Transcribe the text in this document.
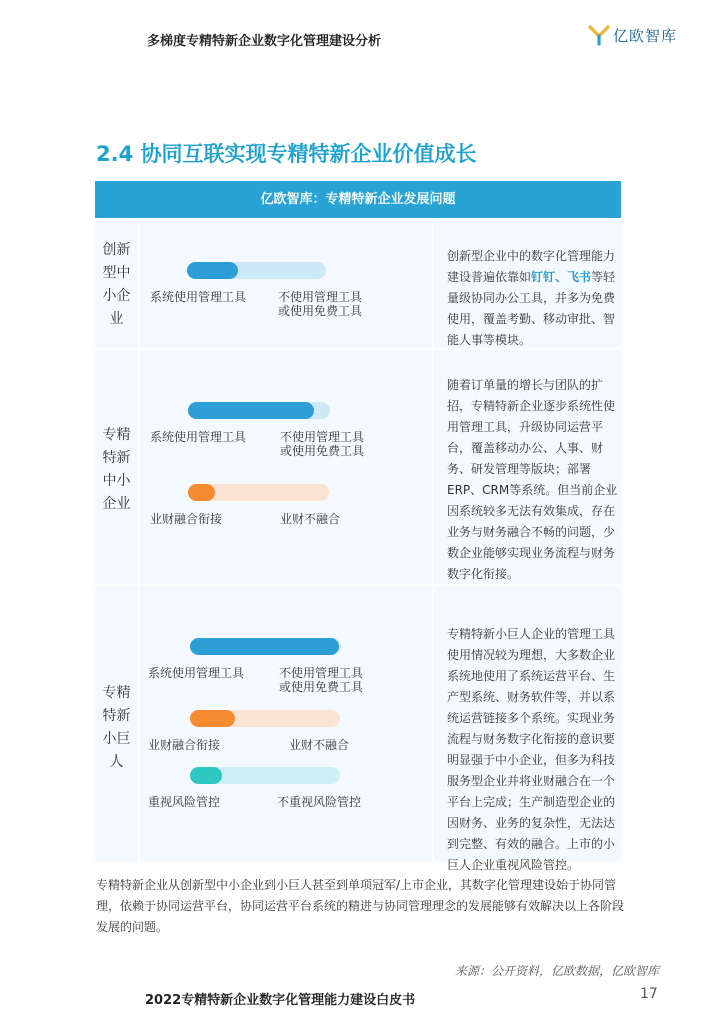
多梯度专精特新企业数字化管理建设分析	亿欧智库
2.4 协同互联实现专精特新企业价值成长
亿欧智库：专精特新企业发展问题
创新
型中
小企
业
系统使用管理工具	不使用管理工具
或使用免费工具
创新型企业中的数字化管理能力建设普遍依靠如钉钉、飞书等轻量级协同办公工具，并多为免费使用，覆盖考勤、移动审批、智能人事等模块。
专精
特新
中小
企业
系统使用管理工具	不使用管理工具
或使用免费工具
业财融合衔接	业财不融合
随着订单量的增长与团队的扩招，专精特新企业逐步系统性使用管理工具，升级协同运营平台，覆盖移动办公、人事、财务、研发管理等版块；部署ERP、CRM等系统。但当前企业因系统较多无法有效集成，存在业务与财务融合不畅的问题，少数企业能够实现业务流程与财务数字化衔接。
专精
特新
小巨
人
系统使用管理工具	不使用管理工具
或使用免费工具
业财融合衔接	业财不融合
重视风险管控	不重视风险管控
专精特新小巨人企业的管理工具使用情况较为理想，大多数企业系统地使用了系统运营平台、生产型系统、财务软件等，并以系统运营链接多个系统。实现业务流程与财务数字化衔接的意识要明显强于中小企业，但多为科技服务型企业并将业财融合在一个平台上完成；生产制造型企业的因财务、业务的复杂性，无法达到完整、有效的融合。上市的小巨人企业重视风险管控。
专精特新企业从创新型中小企业到小巨人甚至到单项冠军/上市企业，其数字化管理建设始于协同管理，依赖于协同运营平台，协同运营平台系统的精进与协同管理理念的发展能够有效解决以上各阶段发展的问题。
来源：公开资料，亿欧数据，亿欧智库
2022专精特新企业数字化管理能力建设白皮书	17
